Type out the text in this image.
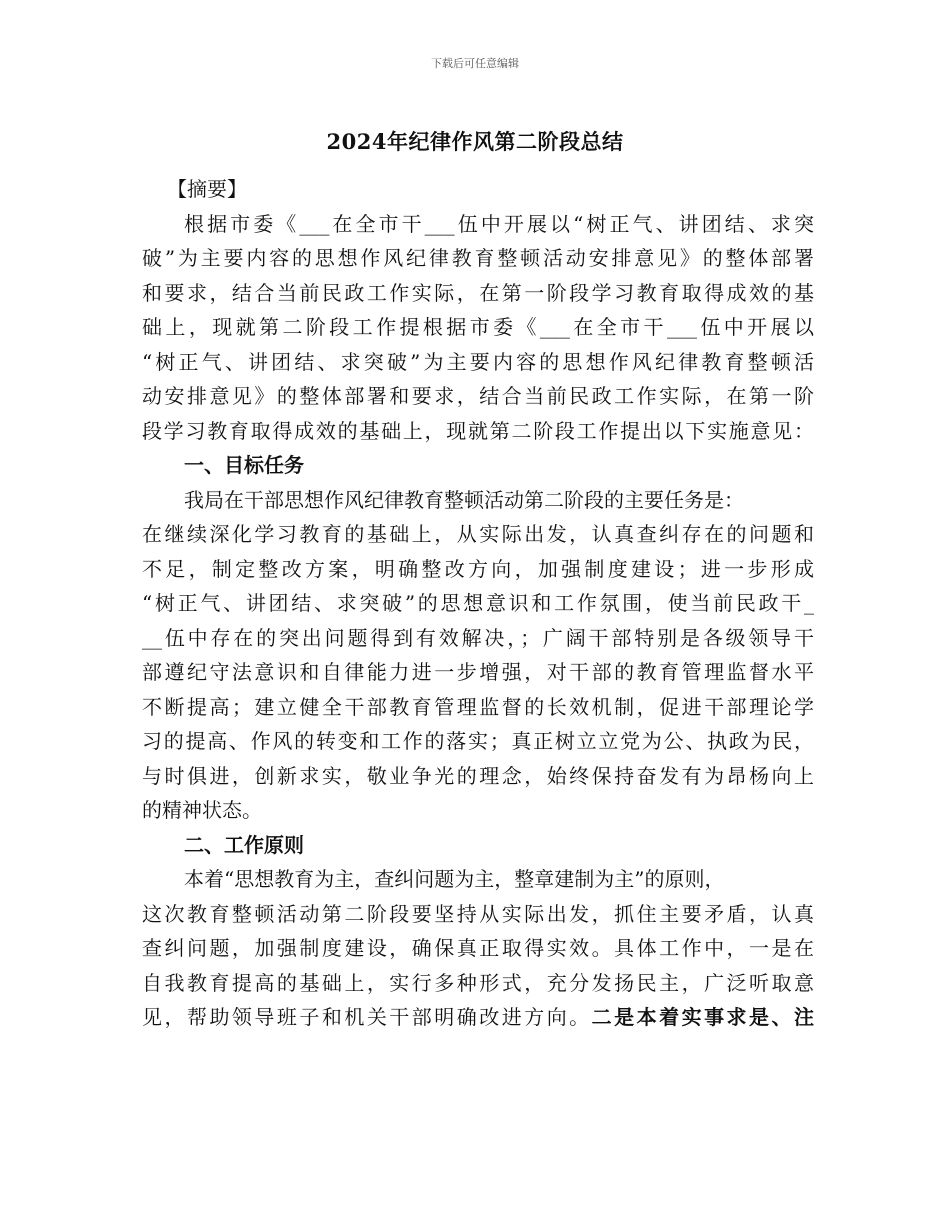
下载后可任意编辑
2024年纪律作风第二阶段总结
【摘要】
根据市委《___在全市干___伍中开展以“树正气、讲团结、求突
破”为主要内容的思想作风纪律教育整顿活动安排意见》的整体部署
和要求，结合当前民政工作实际，在第一阶段学习教育取得成效的基
础上，现就第二阶段工作提根据市委《___在全市干___伍中开展以
“树正气、讲团结、求突破”为主要内容的思想作风纪律教育整顿活
动安排意见》的整体部署和要求，结合当前民政工作实际，在第一阶
段学习教育取得成效的基础上，现就第二阶段工作提出以下实施意见：
一、目标任务
我局在干部思想作风纪律教育整顿活动第二阶段的主要任务是：
在继续深化学习教育的基础上，从实际出发，认真查纠存在的问题和
不足，制定整改方案，明确整改方向，加强制度建设；进一步形成
“树正气、讲团结、求突破”的思想意识和工作氛围，使当前民政干_
__伍中存在的突出问题得到有效解决，；广阔干部特别是各级领导干
部遵纪守法意识和自律能力进一步增强，对干部的教育管理监督水平
不断提高；建立健全干部教育管理监督的长效机制，促进干部理论学
习的提高、作风的转变和工作的落实；真正树立立党为公、执政为民，
与时俱进，创新求实，敬业争光的理念，始终保持奋发有为昂杨向上
的精神状态。
二、工作原则
本着“思想教育为主，查纠问题为主，整章建制为主”的原则，
这次教育整顿活动第二阶段要坚持从实际出发，抓住主要矛盾，认真
查纠问题，加强制度建设，确保真正取得实效。具体工作中，一是在
自我教育提高的基础上，实行多种形式，充分发扬民主，广泛听取意
见，帮助领导班子和机关干部明确改进方向。二是本着实事求是、注
